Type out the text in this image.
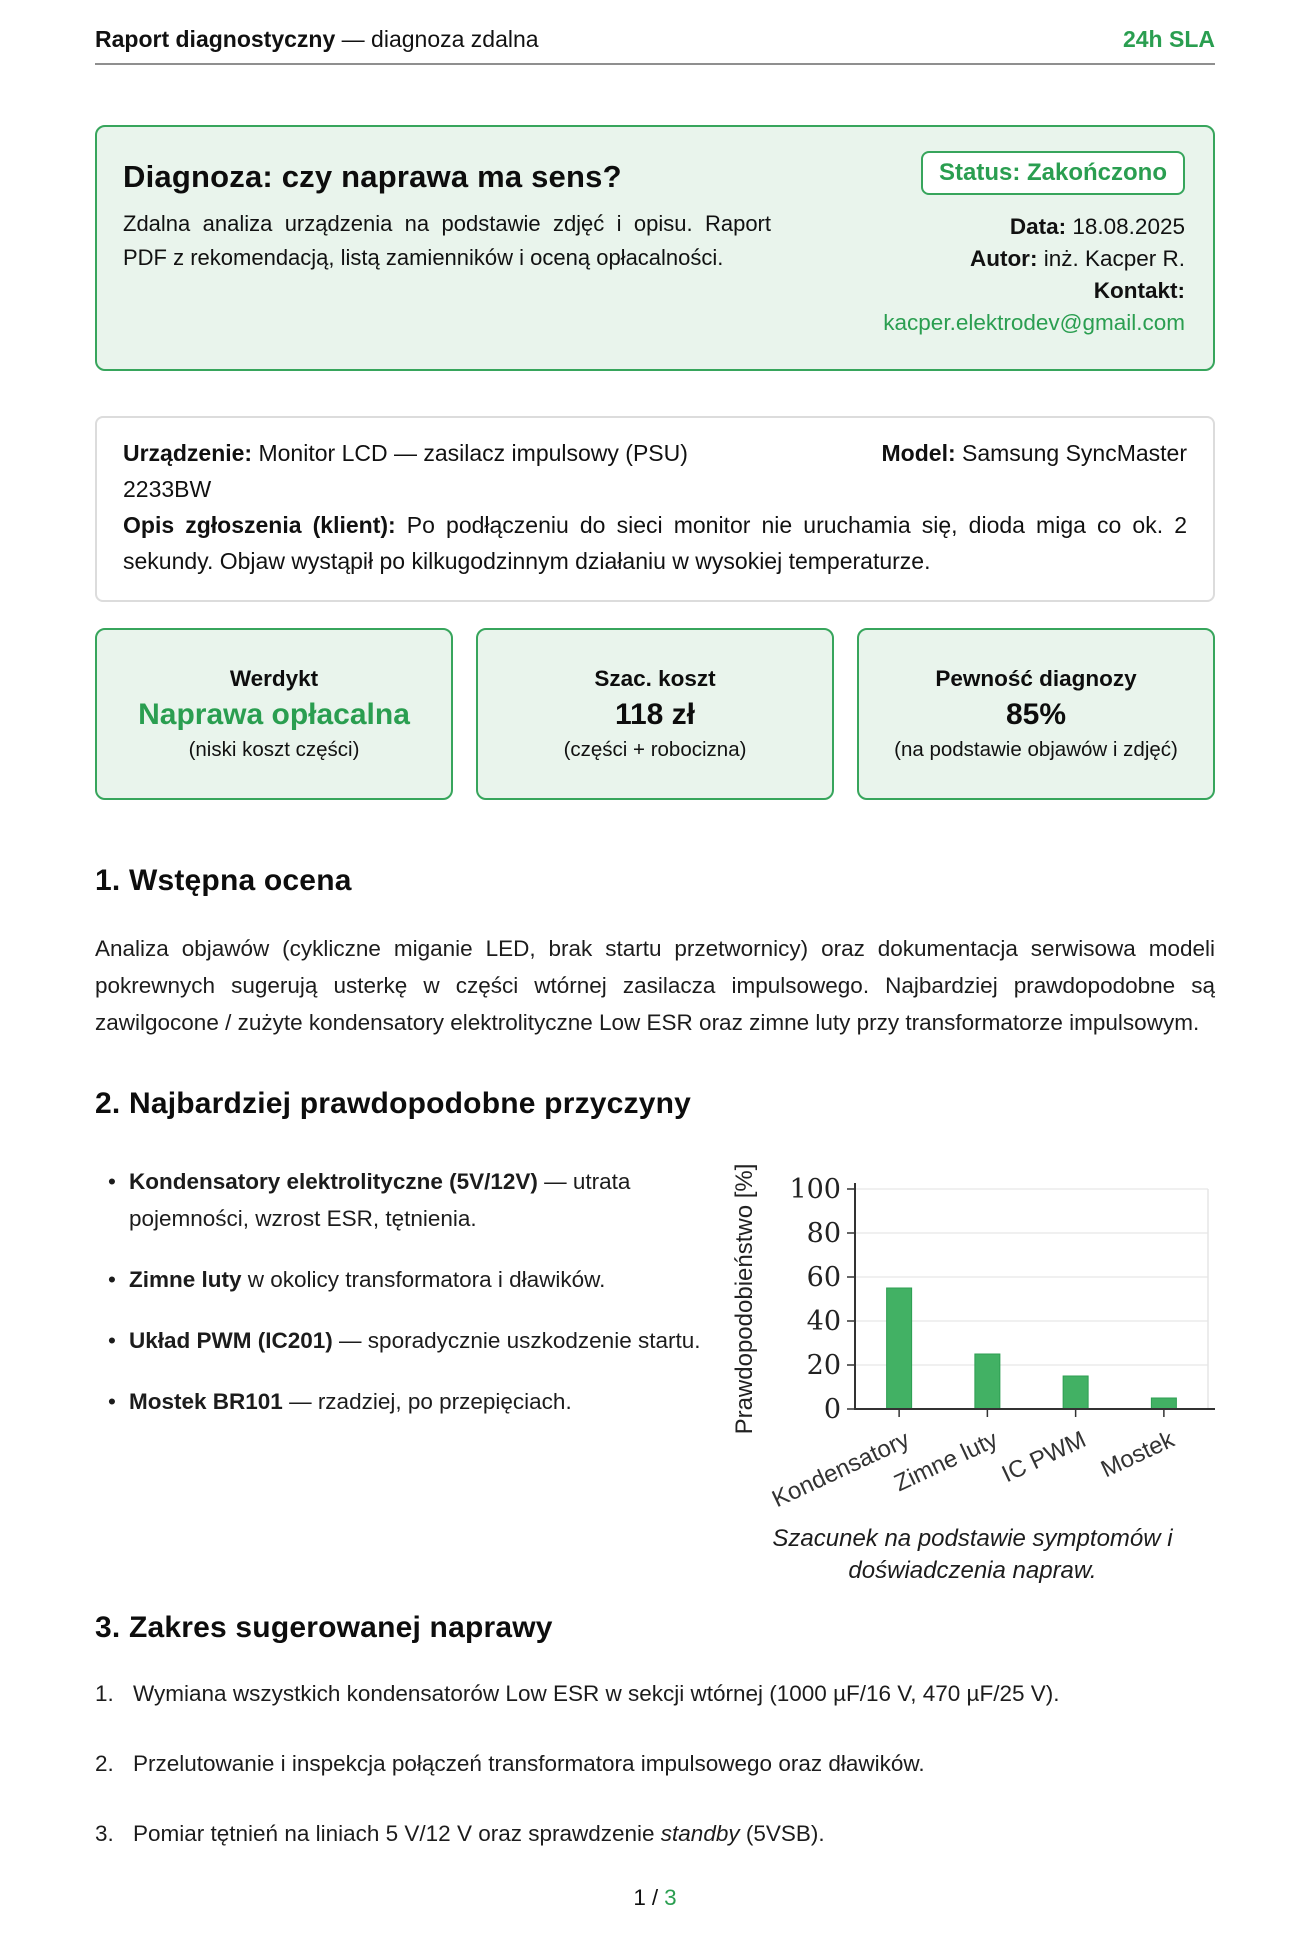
Raport diagnostyczny — diagnoza zdalna	24h SLA
Diagnoza: czy naprawa ma sens?

Zdalna analiza urządzenia na podstawie zdjęć i opisu. Raport PDF z rekomendacją, listą zamienników i oceną opłacalności.

Status: Zakończono
Data: 18.08.2025
Autor: inż. Kacper R.
Kontakt:
kacper.elektrodev@gmail.com
Urządzenie: Monitor LCD — zasilacz impulsowy (PSU)	Model: Samsung SyncMaster
2233BW
Opis zgłoszenia (klient): Po podłączeniu do sieci monitor nie uruchamia się, dioda miga co ok. 2 sekundy. Objaw wystąpił po kilkugodzinnym działaniu w wysokiej temperaturze.
Werdykt
Naprawa opłacalna
(niski koszt części)
Szac. koszt
118 zł
(części + robocizna)
Pewność diagnozy
85%
(na podstawie objawów i zdjęć)
1. Wstępna ocena

Analiza objawów (cykliczne miganie LED, brak startu przetwornicy) oraz dokumentacja serwisowa modeli pokrewnych sugerują usterkę w części wtórnej zasilacza impulsowego. Najbardziej prawdopodobne są zawilgocone / zużyte kondensatory elektrolityczne Low ESR oraz zimne luty przy transformatorze impulsowym.

2. Najbardziej prawdopodobne przyczyny
• Kondensatory elektrolityczne (5V/12V) — utrata pojemności, wzrost ESR, tętnienia.
• Zimne luty w okolicy transformatora i dławików.
• Układ PWM (IC201) — sporadycznie uszkodzenie startu.
• Mostek BR101 — rzadziej, po przepięciach.
Kondensatory
Zimne luty
IC PWM Mostek
0
20
40
60
80
100
Prawdopodobieństwo [%]
Szacunek na podstawie symptomów i doświadczenia napraw.
3. Zakres sugerowanej naprawy
1. Wymiana wszystkich kondensatorów Low ESR w sekcji wtórnej (1000 µF/16 V, 470 µF/25 V).
2. Przelutowanie i inspekcja połączeń transformatora impulsowego oraz dławików.
3. Pomiar tętnień na liniach 5 V/12 V oraz sprawdzenie standby (5VSB).
1 / 3
